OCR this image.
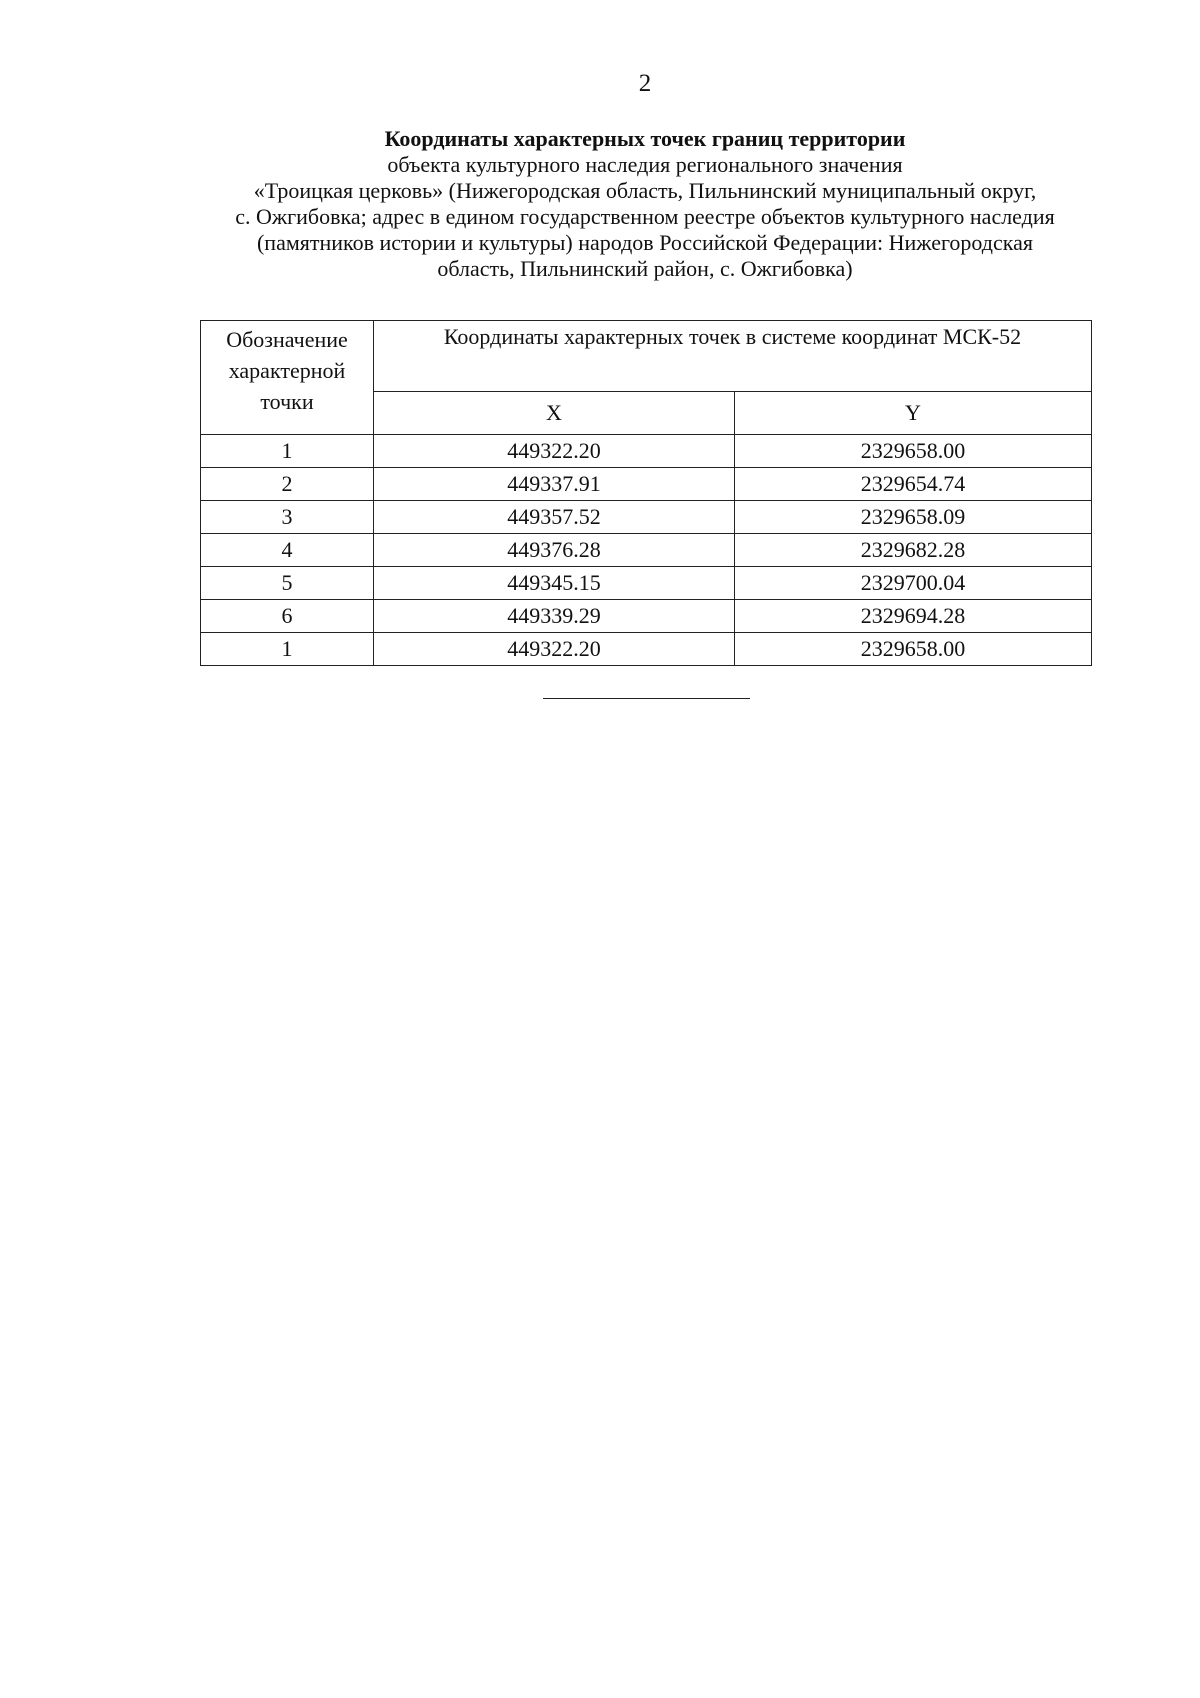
2
Координаты характерных точек границ территории
объекта культурного наследия регионального значения
«Троицкая церковь» (Нижегородская область, Пильнинский муниципальный округ,
с. Ожгибовка; адрес в едином государственном реестре объектов культурного наследия
(памятников истории и культуры) народов Российской Федерации: Нижегородская
область, Пильнинский район, с. Ожгибовка)
Обозначение
характерной
точки	Координаты характерных точек в системе координат МСК-52	
	X	Y
1	449322.20	2329658.00
2	449337.91	2329654.74
3	449357.52	2329658.09
4	449376.28	2329682.28
5	449345.15	2329700.04
6	449339.29	2329694.28
1	449322.20	2329658.00
